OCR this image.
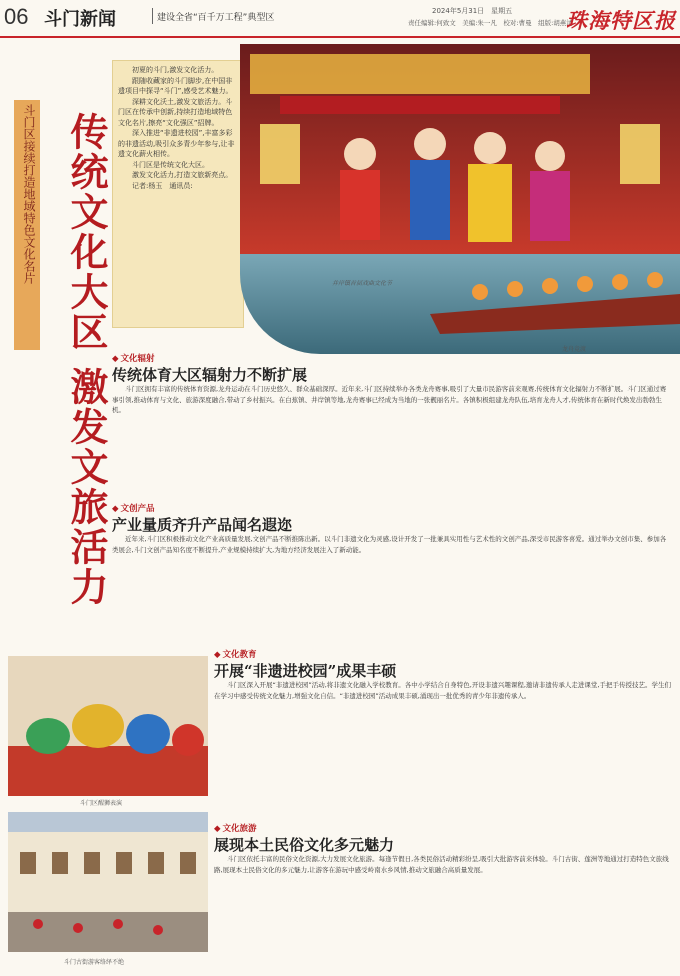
06 斗门新闻	建设全省“百千万工程”典型区
2024年5月31日　星期五
责任编辑:何致文　美编:朱一凡　校对:曹曼　组版:胡燕清
珠海特区报
斗门区接续打造地域特色文化名片 传统文化大区 激发文旅活力

初夏的斗门,激发文化活力。

跟随收藏家的斗门脚步,在中国非遗项目中探寻“斗门”,感受艺术魅力。

深耕文化沃土,激发文旅活力。斗门区在传承中创新,持续打造地域特色文化名片,擦亮“文化强区”招牌。

深入推进“非遗进校园”,丰富多彩的非遗活动,吸引众多青少年参与,让非遗文化薪火相传。

斗门区是传统文化大区。

激发文化活力,打造文旅新亮点。

记者:杨玉　通讯员:　

井岸镇首届戏曲文化节
龙舟竞渡
◆ 文化辐射
传统体育大区辐射力不断扩展

斗门区拥有丰富的传统体育资源,龙舟运动在斗门历史悠久、群众基础深厚。近年来,斗门区持续举办各类龙舟赛事,吸引了大量市民游客前来观赛,传统体育文化辐射力不断扩展。斗门区通过赛事引领,推动体育与文化、旅游深度融合,带动了乡村振兴。在白蕉镇、井岸镇等地,龙舟赛事已经成为当地的一张靓丽名片。各镇积极组建龙舟队伍,培育龙舟人才,传统体育在新时代焕发出勃勃生机。

◆ 文创产品
产业量质齐升产品闻名遐迩

近年来,斗门区积极推动文化产业高质量发展,文创产品不断推陈出新。以斗门非遗文化为灵感,设计开发了一批兼具实用性与艺术性的文创产品,深受市民游客喜爱。通过举办文创市集、参加各类展会,斗门文创产品知名度不断提升,产业规模持续扩大,为地方经济发展注入了新动能。

斗门区醒狮表演
◆ 文化教育
开展“非遗进校园”成果丰硕

斗门区深入开展“非遗进校园”活动,将非遗文化融入学校教育。各中小学结合自身特色,开设非遗兴趣课程,邀请非遗传承人走进课堂,手把手传授技艺。学生们在学习中感受传统文化魅力,增强文化自信。“非遗进校园”活动成果丰硕,涌现出一批优秀的青少年非遗传承人。

斗门古街游客络绎不绝
◆ 文化旅游
展现本土民俗文化多元魅力

斗门区依托丰富的民俗文化资源,大力发展文化旅游。每逢节假日,各类民俗活动精彩纷呈,吸引大批游客前来体验。斗门古街、莲洲等地通过打造特色文旅线路,展现本土民俗文化的多元魅力,让游客在游玩中感受岭南水乡风情,推动文旅融合高质量发展。
